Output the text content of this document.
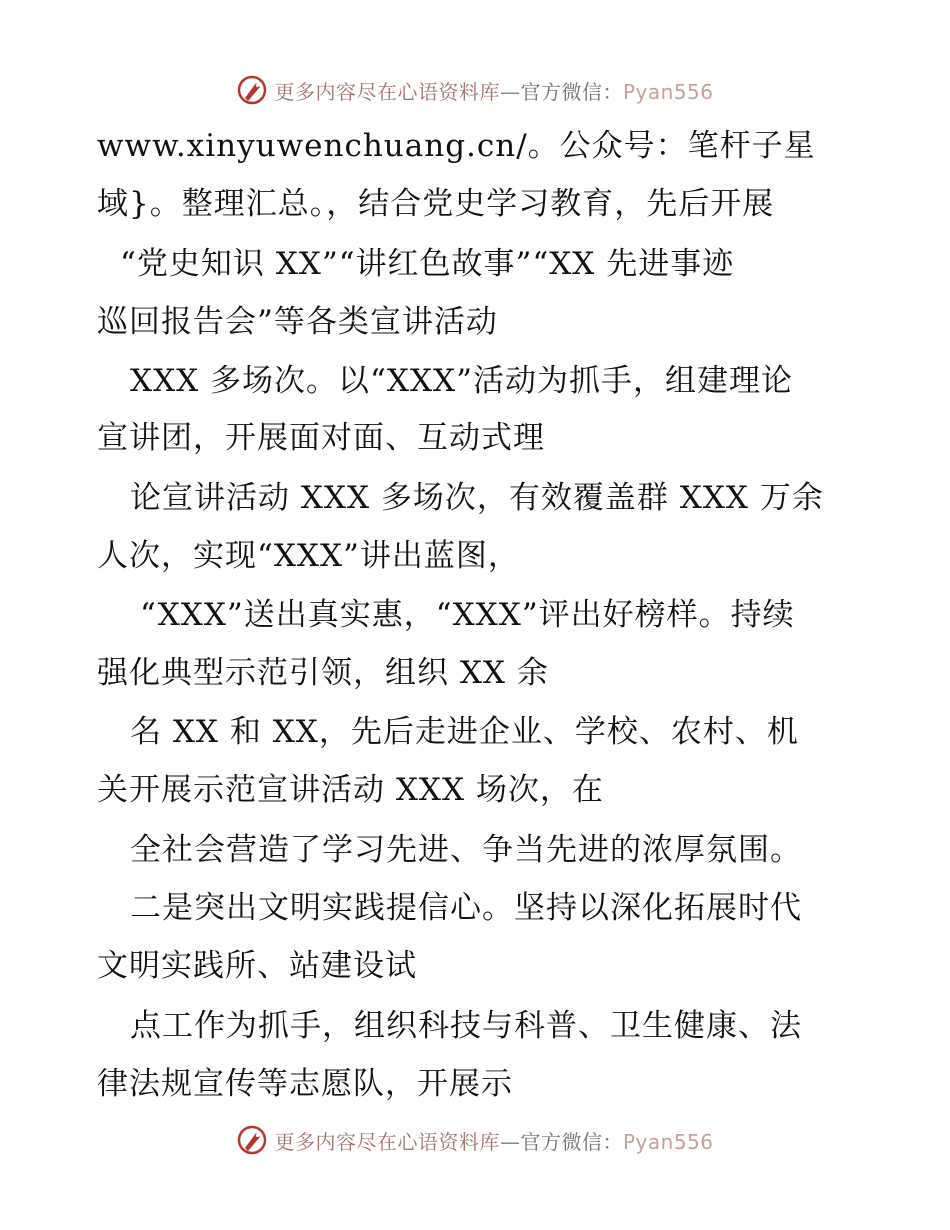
更多内容尽在心语资料库—官方微信：Pyan556
www.xinyuwenchuang.cn/。公众号：笔杆子星
域}。整理汇总。，结合党史学习教育，先后开展
“党史知识 XX”“讲红色故事”“XX 先进事迹
巡回报告会”等各类宣讲活动
XXX 多场次。以“XXX”活动为抓手，组建理论
宣讲团，开展面对面、互动式理
论宣讲活动 XXX 多场次，有效覆盖群 XXX 万余
人次，实现“XXX”讲出蓝图，
“XXX”送出真实惠，“XXX”评出好榜样。持续
强化典型示范引领，组织 XX 余
名 XX 和 XX，先后走进企业、学校、农村、机
关开展示范宣讲活动 XXX 场次，在
全社会营造了学习先进、争当先进的浓厚氛围。
二是突出文明实践提信心。坚持以深化拓展时代
文明实践所、站建设试
点工作为抓手，组织科技与科普、卫生健康、法
律法规宣传等志愿队，开展示
更多内容尽在心语资料库—官方微信：Pyan556
